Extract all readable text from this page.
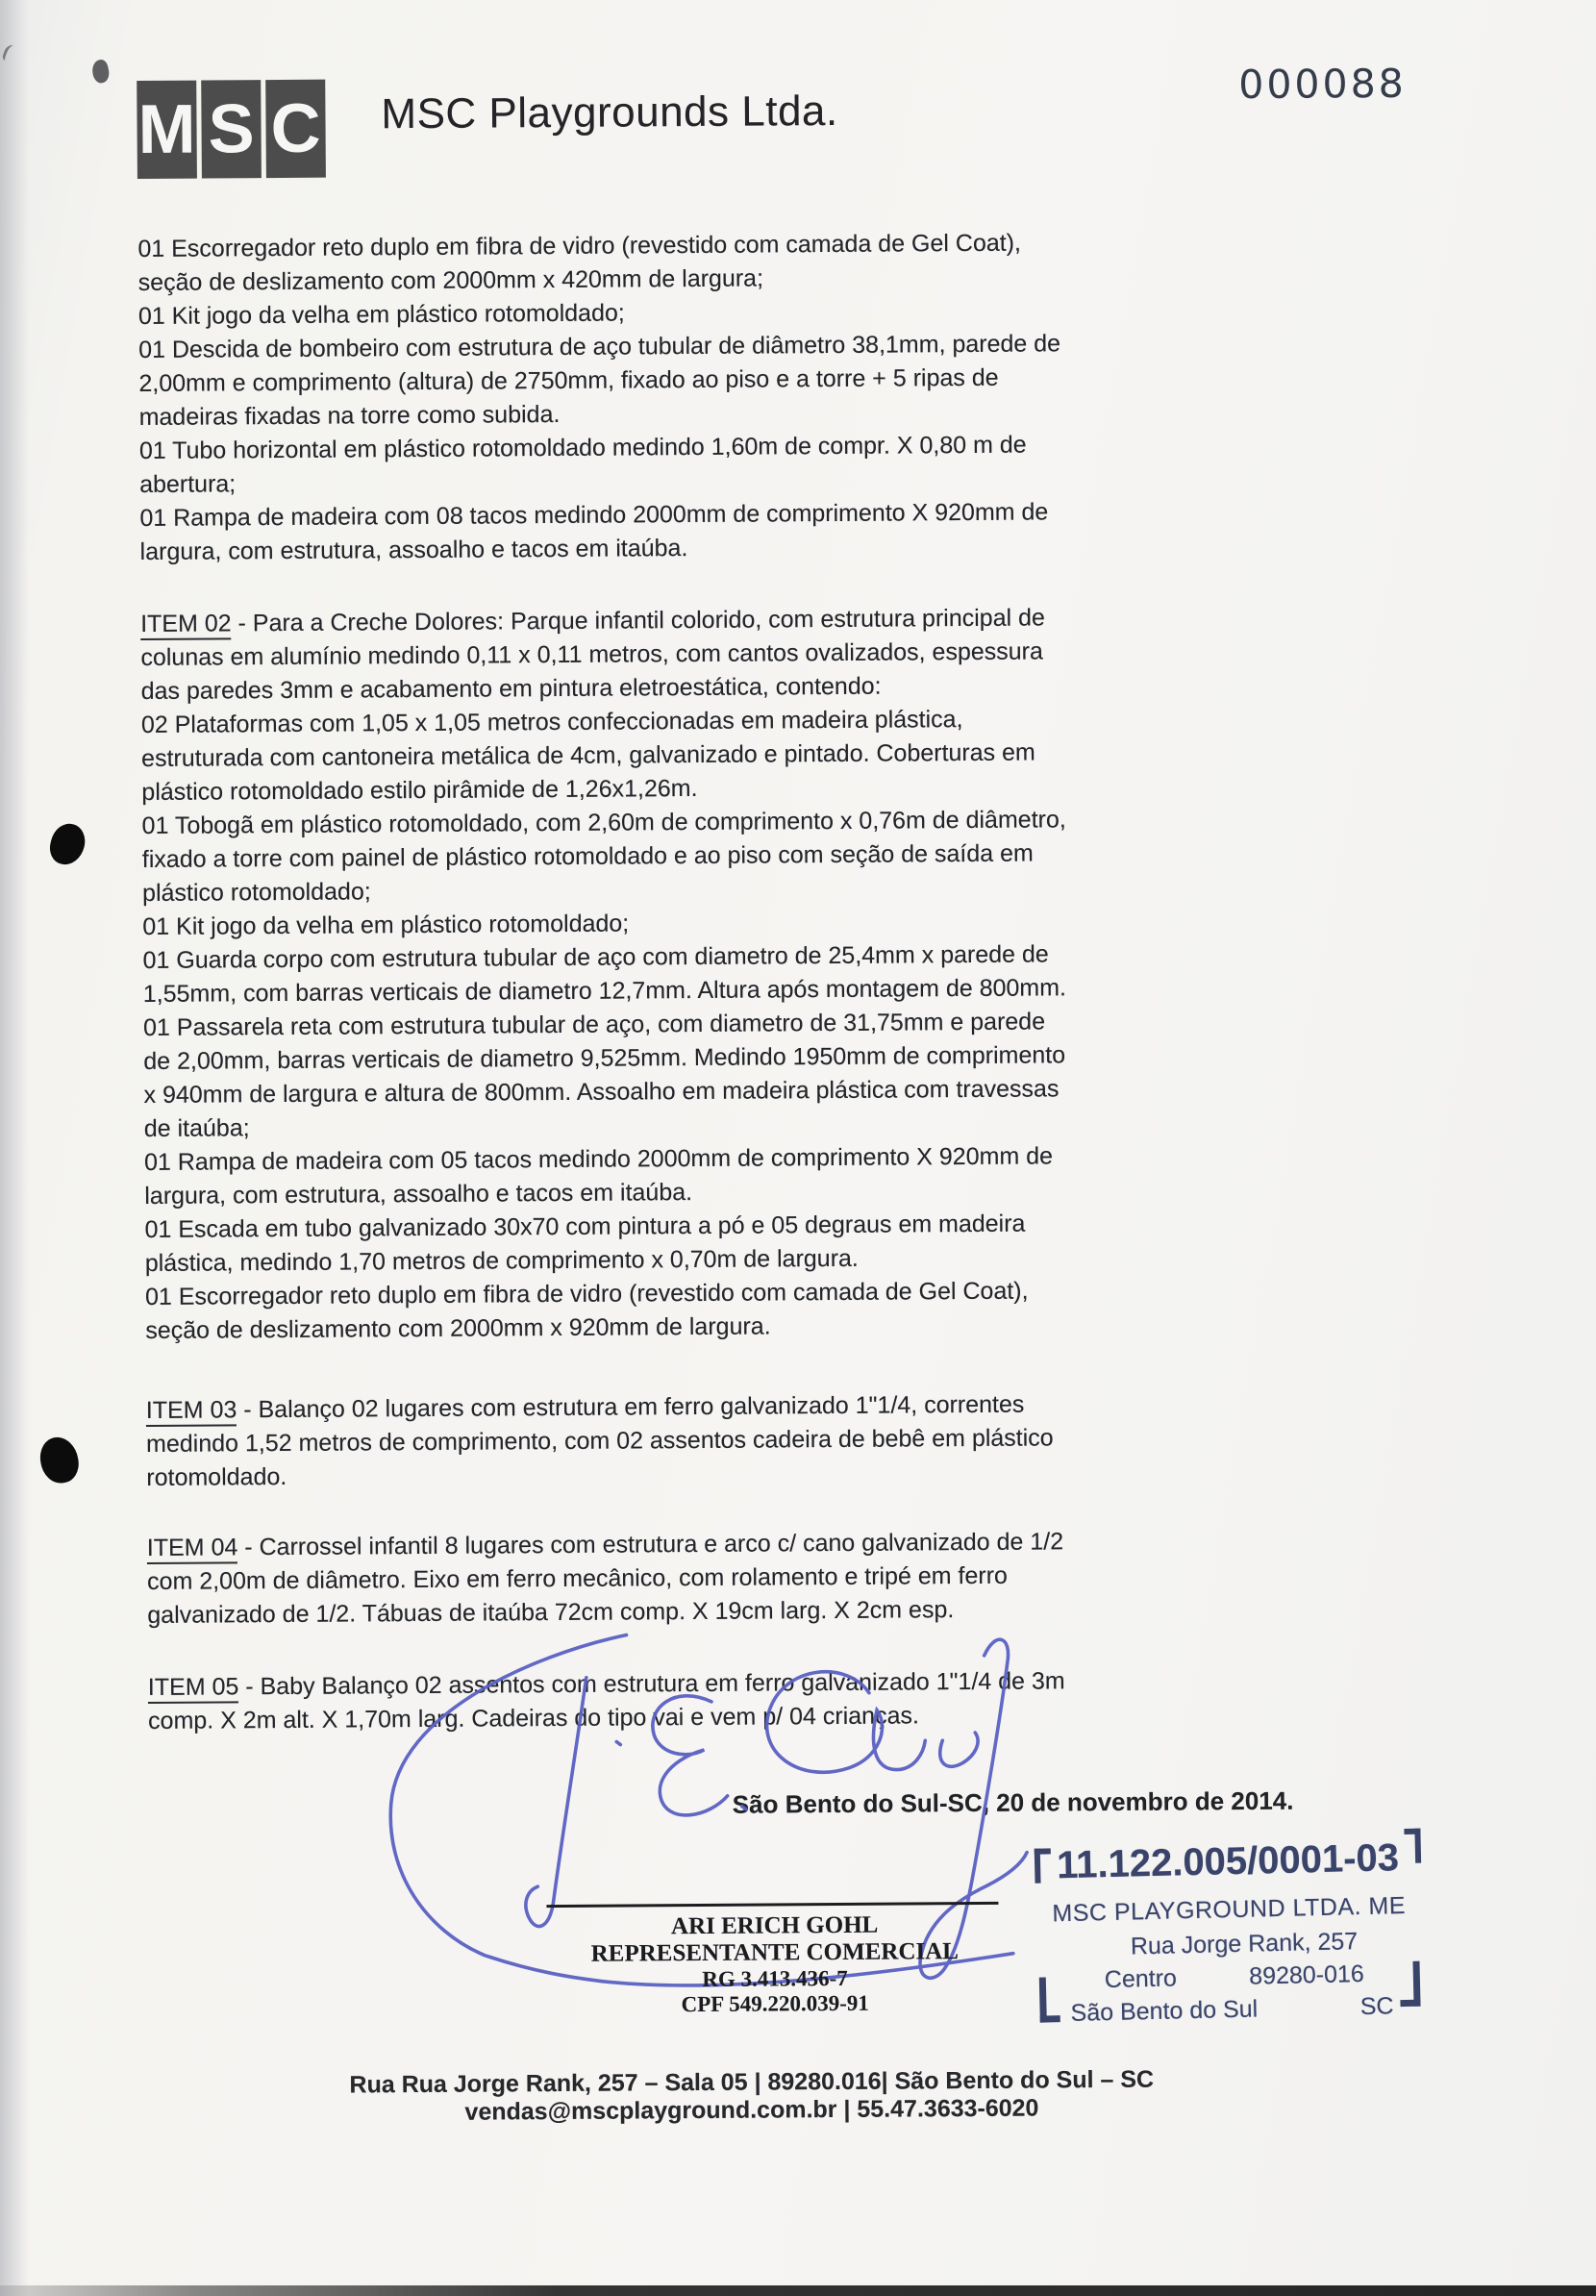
M S C MSC Playgrounds Ltda.
000088
01 Escorregador reto duplo em fibra de vidro (revestido com camada de Gel Coat),
seção de deslizamento com 2000mm x 420mm de largura;
01 Kit jogo da velha em plástico rotomoldado;
01 Descida de bombeiro com estrutura de aço tubular de diâmetro 38,1mm, parede de
2,00mm e comprimento (altura) de 2750mm, fixado ao piso e a torre + 5 ripas de
madeiras fixadas na torre como subida.
01 Tubo horizontal em plástico rotomoldado medindo 1,60m de compr. X 0,80 m de
abertura;
01 Rampa de madeira com 08 tacos medindo 2000mm de comprimento X 920mm de
largura, com estrutura, assoalho e tacos em itaúba.
ITEM 02 - Para a Creche Dolores: Parque infantil colorido, com estrutura principal de
colunas em alumínio medindo 0,11 x 0,11 metros, com cantos ovalizados, espessura
das paredes 3mm e acabamento em pintura eletroestática, contendo:
02 Plataformas com 1,05 x 1,05 metros confeccionadas em madeira plástica,
estruturada com cantoneira metálica de 4cm, galvanizado e pintado. Coberturas em
plástico rotomoldado estilo pirâmide de 1,26x1,26m.
01 Tobogã em plástico rotomoldado, com 2,60m de comprimento x 0,76m de diâmetro,
fixado a torre com painel de plástico rotomoldado e ao piso com seção de saída em
plástico rotomoldado;
01 Kit jogo da velha em plástico rotomoldado;
01 Guarda corpo com estrutura tubular de aço com diametro de 25,4mm x parede de
1,55mm, com barras verticais de diametro 12,7mm. Altura após montagem de 800mm.
01 Passarela reta com estrutura tubular de aço, com diametro de 31,75mm e parede
de 2,00mm, barras verticais de diametro 9,525mm. Medindo 1950mm de comprimento
x 940mm de largura e altura de 800mm. Assoalho em madeira plástica com travessas
de itaúba;
01 Rampa de madeira com 05 tacos medindo 2000mm de comprimento X 920mm de
largura, com estrutura, assoalho e tacos em itaúba.
01 Escada em tubo galvanizado 30x70 com pintura a pó e 05 degraus em madeira
plástica, medindo 1,70 metros de comprimento x 0,70m de largura.
01 Escorregador reto duplo em fibra de vidro (revestido com camada de Gel Coat),
seção de deslizamento com 2000mm x 920mm de largura.
ITEM 03 - Balanço 02 lugares com estrutura em ferro galvanizado 1"1/4, correntes
medindo 1,52 metros de comprimento, com 02 assentos cadeira de bebê em plástico
rotomoldado.
ITEM 04 - Carrossel infantil 8 lugares com estrutura e arco c/ cano galvanizado de 1/2
com 2,00m de diâmetro. Eixo em ferro mecânico, com rolamento e tripé em ferro
galvanizado de 1/2. Tábuas de itaúba 72cm comp. X 19cm larg. X 2cm esp.
ITEM 05 - Baby Balanço 02 assentos com estrutura em ferro galvanizado 1"1/4 de 3m
comp. X 2m alt. X 1,70m larg. Cadeiras do tipo vai e vem p/ 04 crianças.
São Bento do Sul-SC, 20 de novembro de 2014.
ARI ERICH GOHL
REPRESENTANTE COMERCIAL
RG 3.413.436-7
CPF 549.220.039-91
11.122.005/0001-03
MSC PLAYGROUND LTDA. ME
Rua Jorge Rank, 257
Centro	89280-016
São Bento do Sul	SC
Rua Rua Jorge Rank, 257 – Sala 05 | 89280.016| São Bento do Sul – SC
vendas@mscplayground.com.br | 55.47.3633-6020
